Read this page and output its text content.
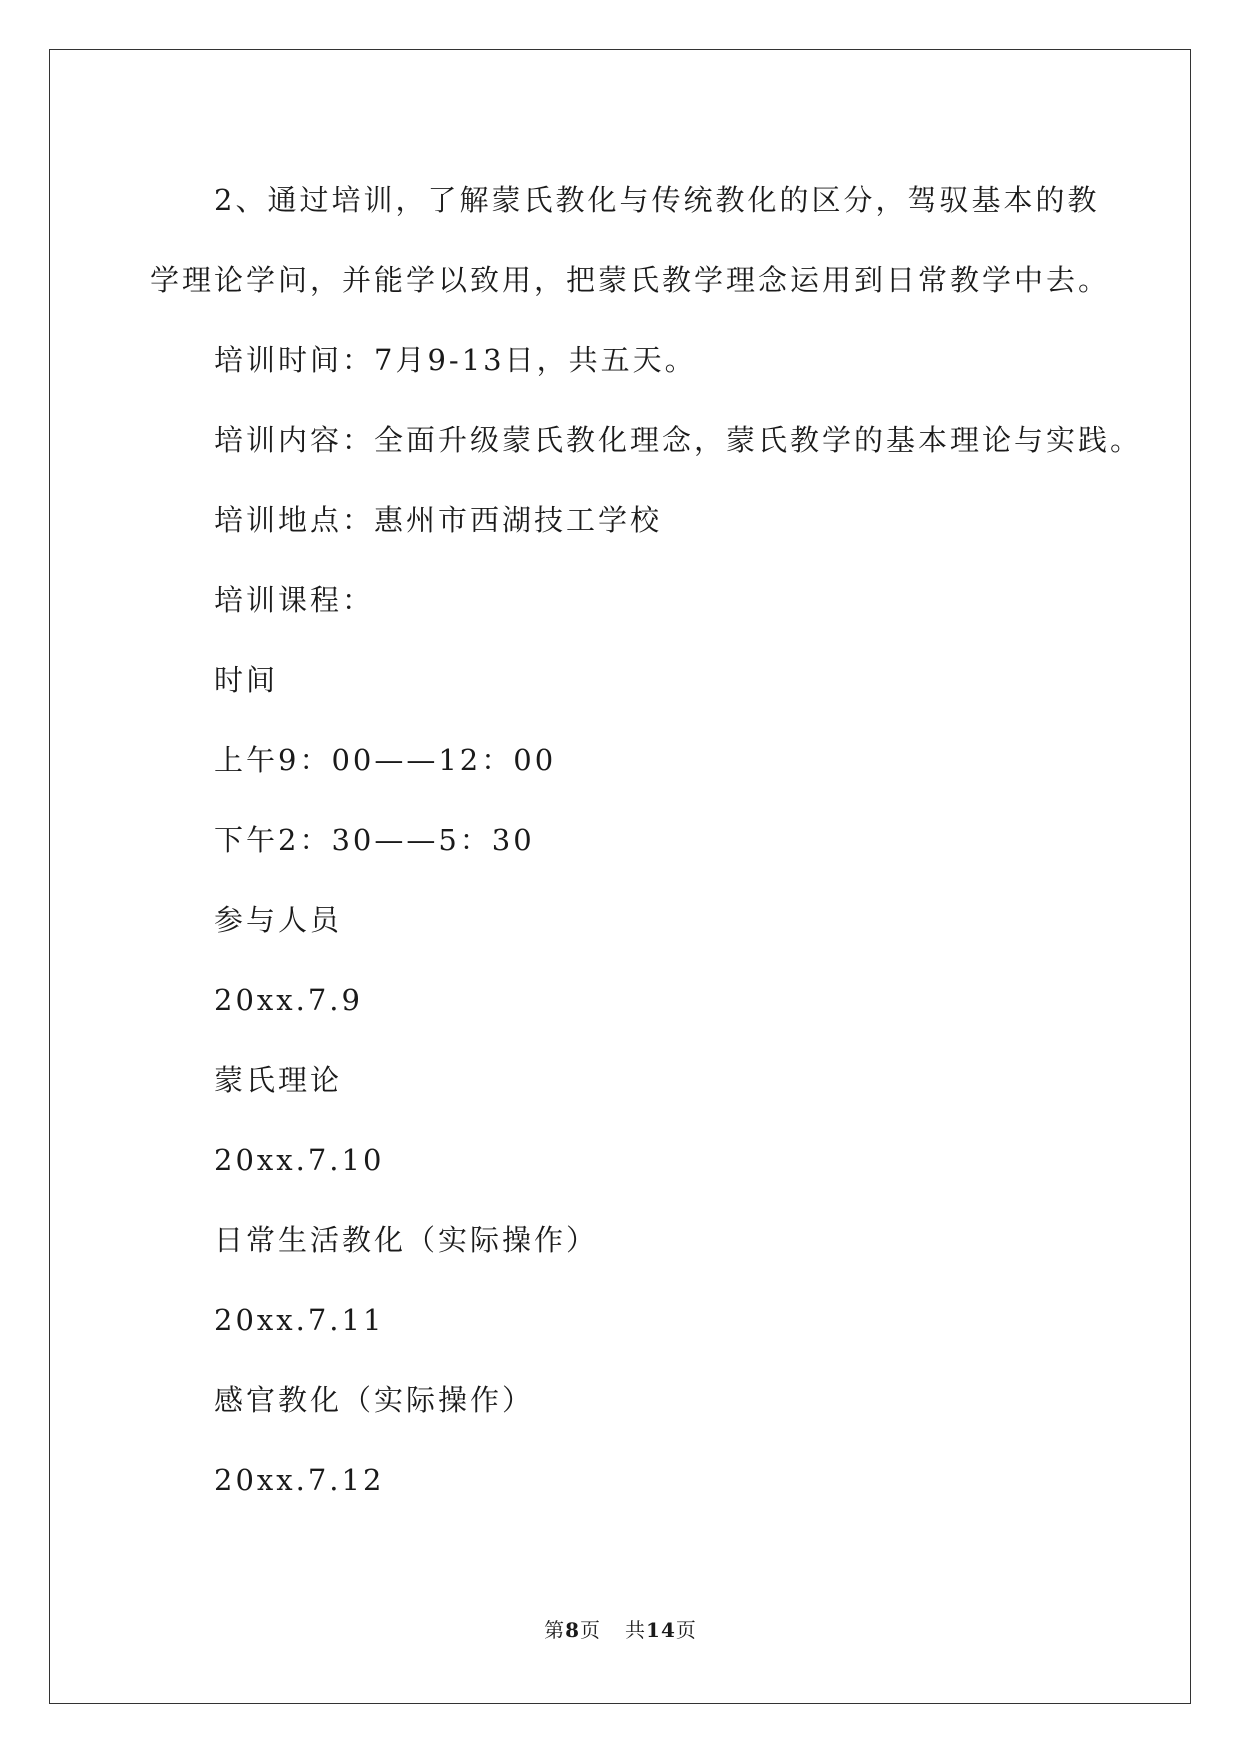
2、通过培训，了解蒙氏教化与传统教化的区分，驾驭基本的教

学理论学问，并能学以致用，把蒙氏教学理念运用到日常教学中去。

培训时间：7月9-13日，共五天。

培训内容：全面升级蒙氏教化理念，蒙氏教学的基本理论与实践。

培训地点：惠州市西湖技工学校

培训课程：

时间

上午9：00——12：00

下午2：30——5：30

参与人员

20xx.7.9

蒙氏理论

20xx.7.10

日常生活教化（实际操作）

20xx.7.11

感官教化（实际操作）

20xx.7.12

第8页 共14页
